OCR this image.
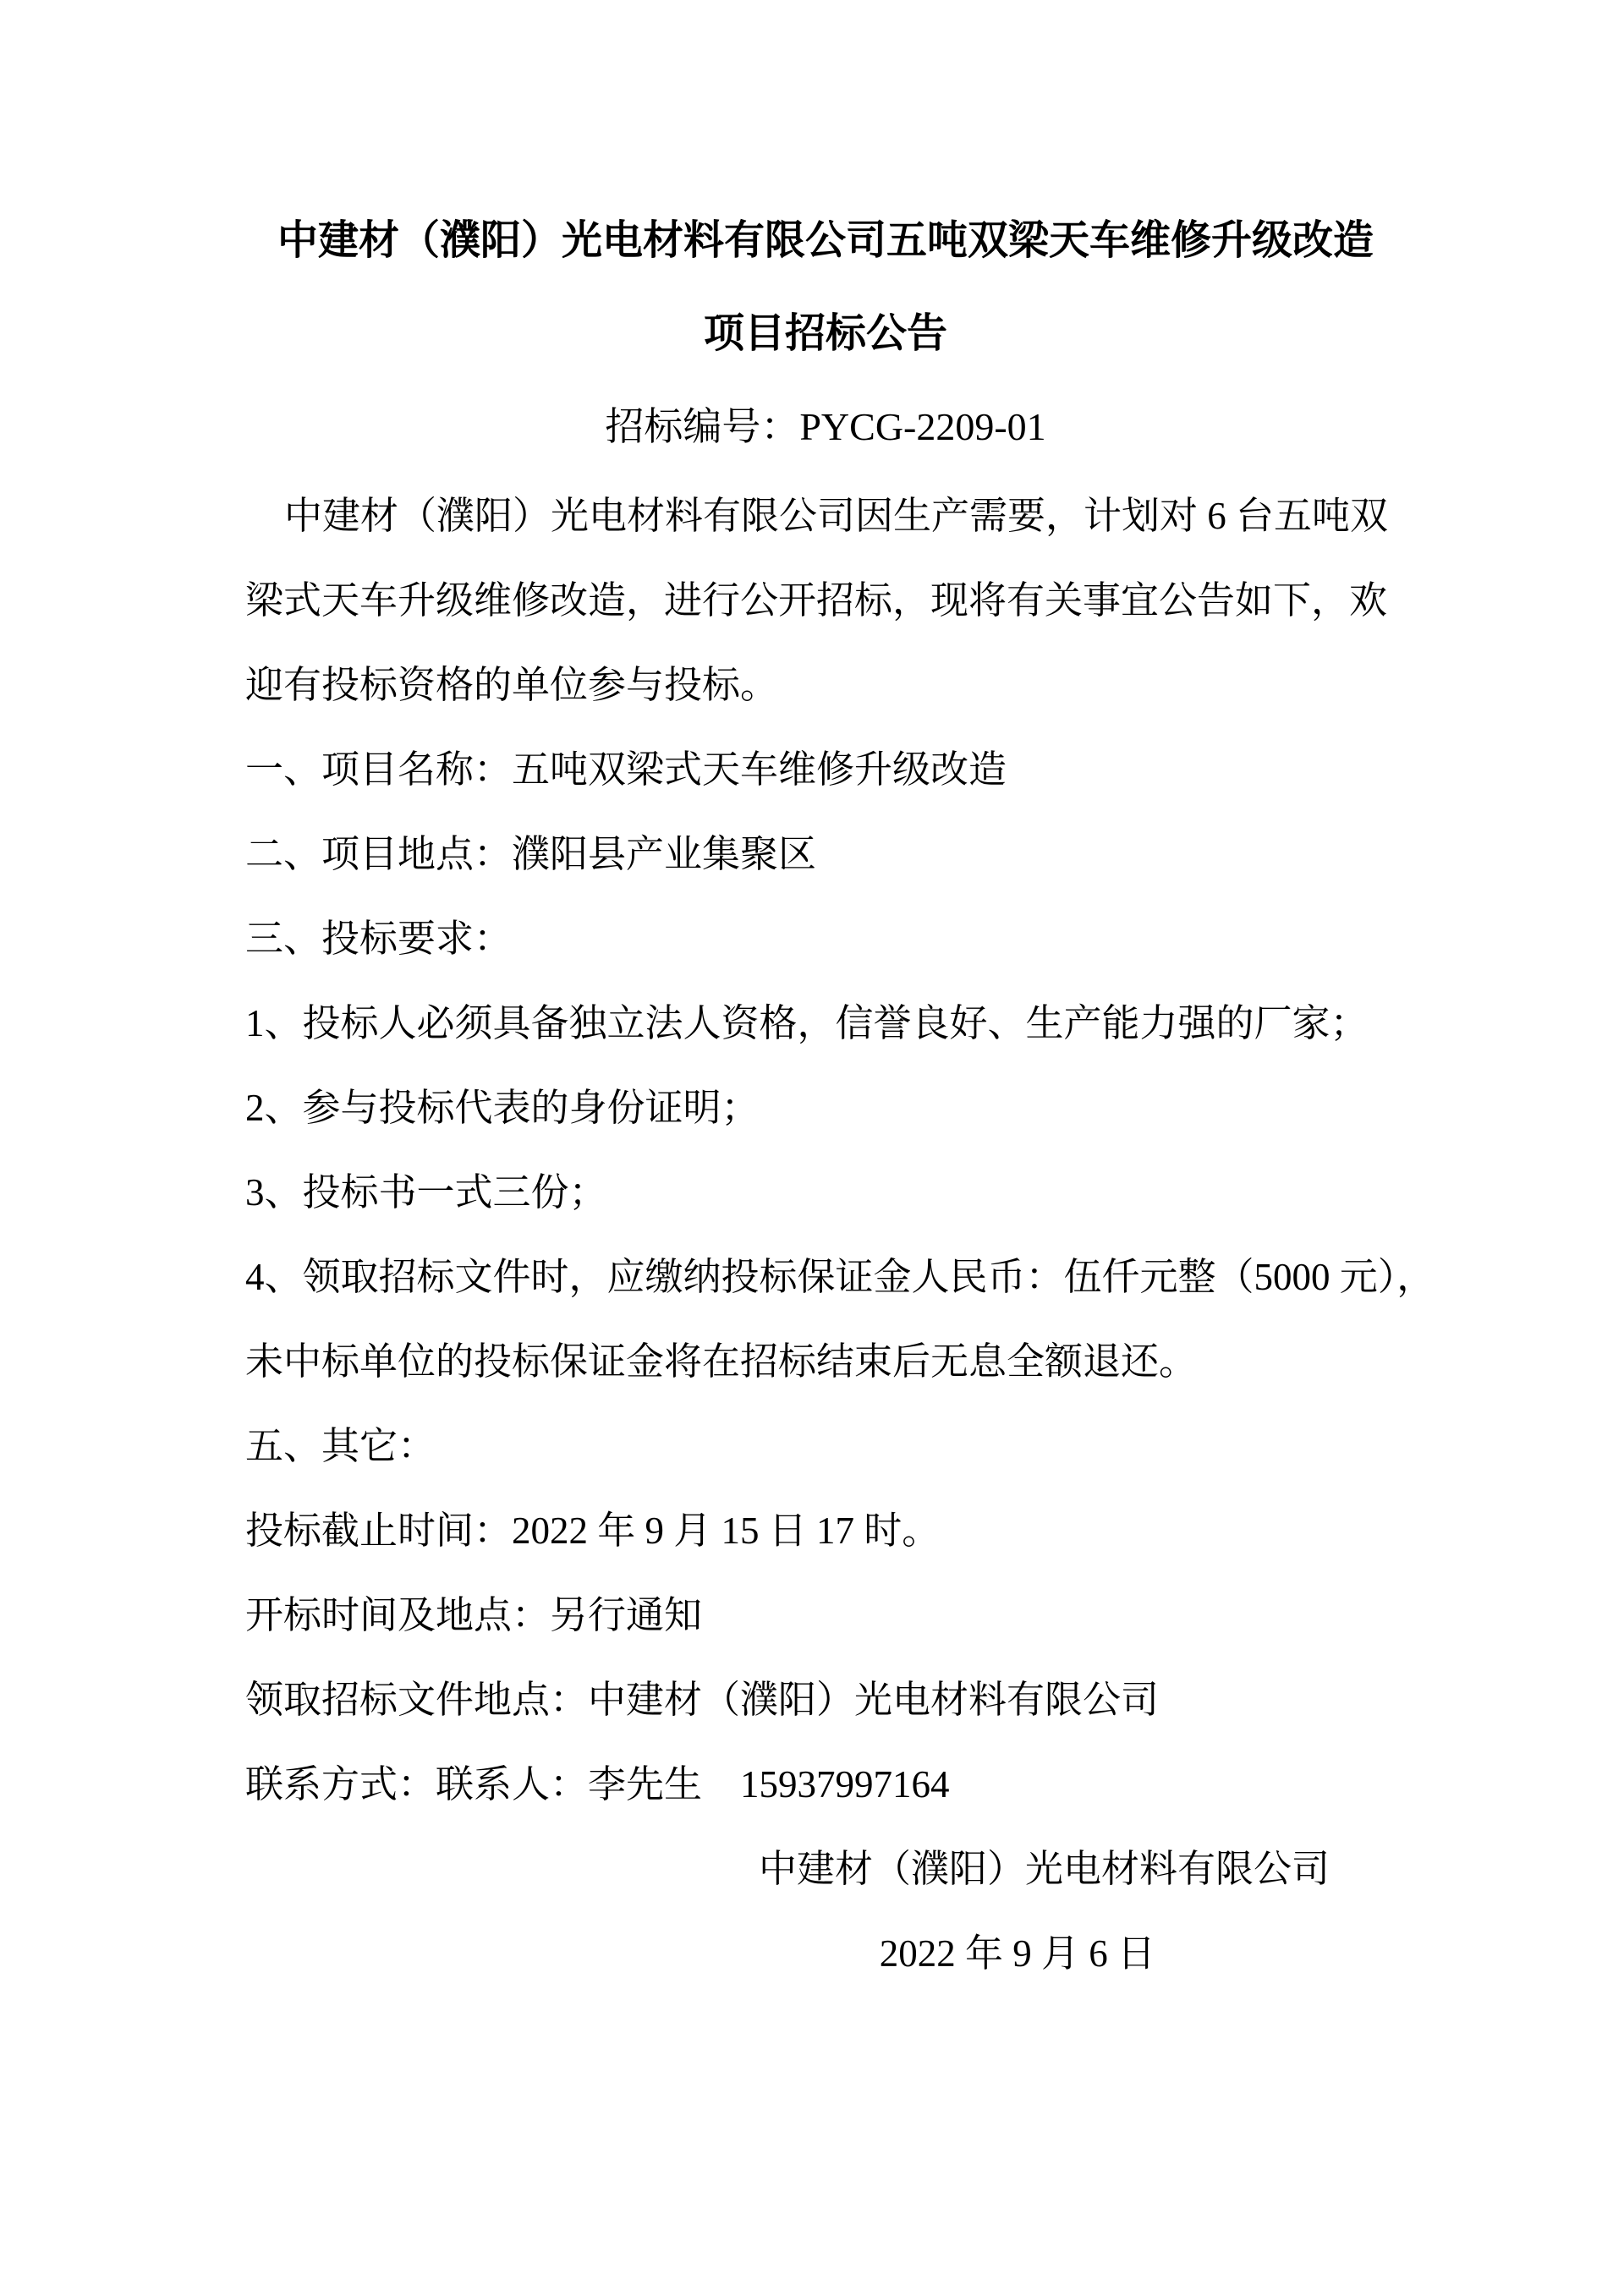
中建材（濮阳）光电材料有限公司五吨双梁天车维修升级改造
项目招标公告
招标编号：PYCG-2209-01
中建材（濮阳）光电材料有限公司因生产需要，计划对 6 台五吨双
梁式天车升级维修改造，进行公开招标，现将有关事宜公告如下，欢
迎有投标资格的单位参与投标。
一、项目名称：五吨双梁式天车维修升级改造
二、项目地点：濮阳县产业集聚区
三、投标要求：
1、投标人必须具备独立法人资格，信誉良好、生产能力强的厂家；
2、参与投标代表的身份证明；
3、投标书一式三份；
4、领取招标文件时，应缴纳投标保证金人民币：伍仟元整（5000 元），
未中标单位的投标保证金将在招标结束后无息全额退还。
五、其它：
投标截止时间：2022 年 9 月 15 日 17 时。
开标时间及地点：另行通知
领取招标文件地点：中建材（濮阳）光电材料有限公司
联系方式：联系人：李先生　15937997164
中建材（濮阳）光电材料有限公司
2022 年 9 月 6 日
